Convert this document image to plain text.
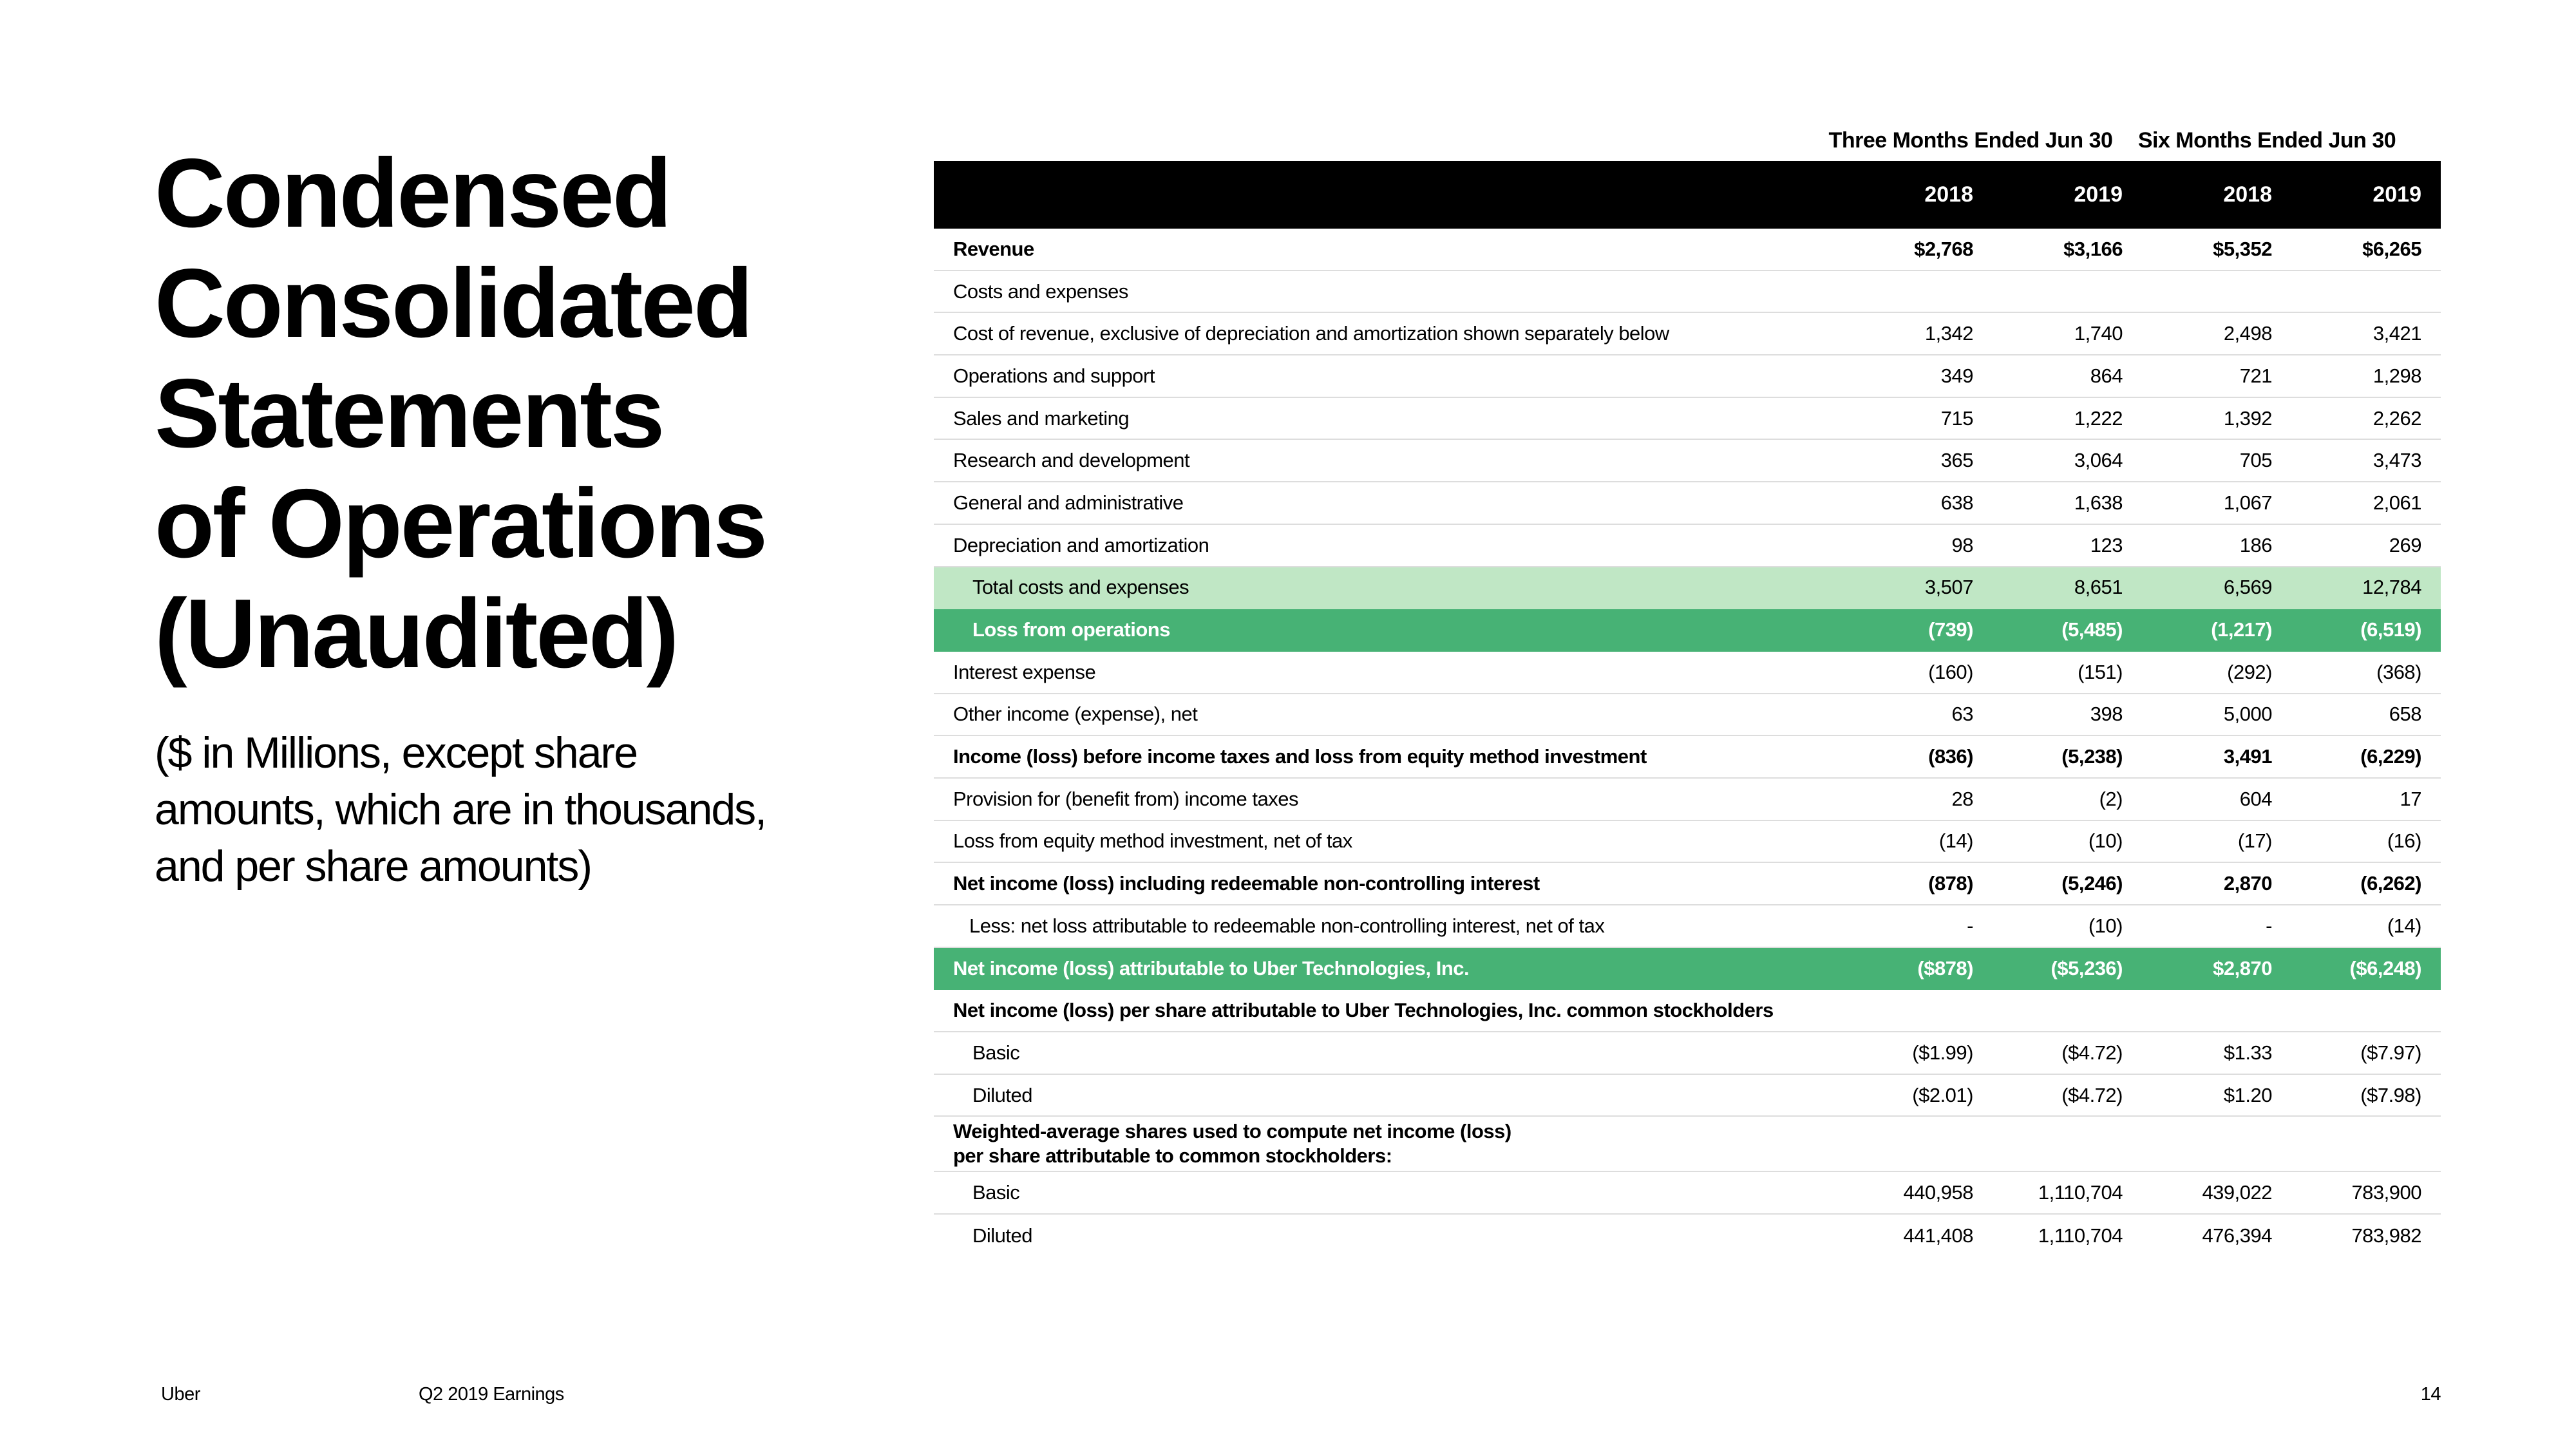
Condensed
Consolidated
Statements
of Operations
(Unaudited)

($ in Millions, except share
amounts, which are in thousands,
and per share amounts)

Three Months Ended Jun 30	Six Months Ended Jun 30
2018	2019	2018	2019
Revenue	$2,768	$3,166	$5,352	$6,265
Costs and expenses
Cost of revenue, exclusive of depreciation and amortization shown separately below	1,342	1,740	2,498	3,421
Operations and support	349	864	721	1,298
Sales and marketing	715	1,222	1,392	2,262
Research and development	365	3,064	705	3,473
General and administrative	638	1,638	1,067	2,061
Depreciation and amortization	98	123	186	269
Total costs and expenses	3,507	8,651	6,569	12,784
Loss from operations	(739)	(5,485)	(1,217)	(6,519)
Interest expense	(160)	(151)	(292)	(368)
Other income (expense), net	63	398	5,000	658
Income (loss) before income taxes and loss from equity method investment	(836)	(5,238)	3,491	(6,229)
Provision for (benefit from) income taxes	28	(2)	604	17
Loss from equity method investment, net of tax	(14)	(10)	(17)	(16)
Net income (loss) including redeemable non-controlling interest	(878)	(5,246)	2,870	(6,262)
Less: net loss attributable to redeemable non-controlling interest, net of tax	-	(10)	-	(14)
Net income (loss) attributable to Uber Technologies, Inc.	($878)	($5,236)	$2,870	($6,248)
Net income (loss) per share attributable to Uber Technologies, Inc. common stockholders
Basic	($1.99)	($4.72)	$1.33	($7.97)
Diluted	($2.01)	($4.72)	$1.20	($7.98)
Weighted-average shares used to compute net income (loss)
per share attributable to common stockholders:
Basic	440,958	1,110,704	439,022	783,900
Diluted	441,408	1,110,704	476,394	783,982
Uber	Q2 2019 Earnings	14
